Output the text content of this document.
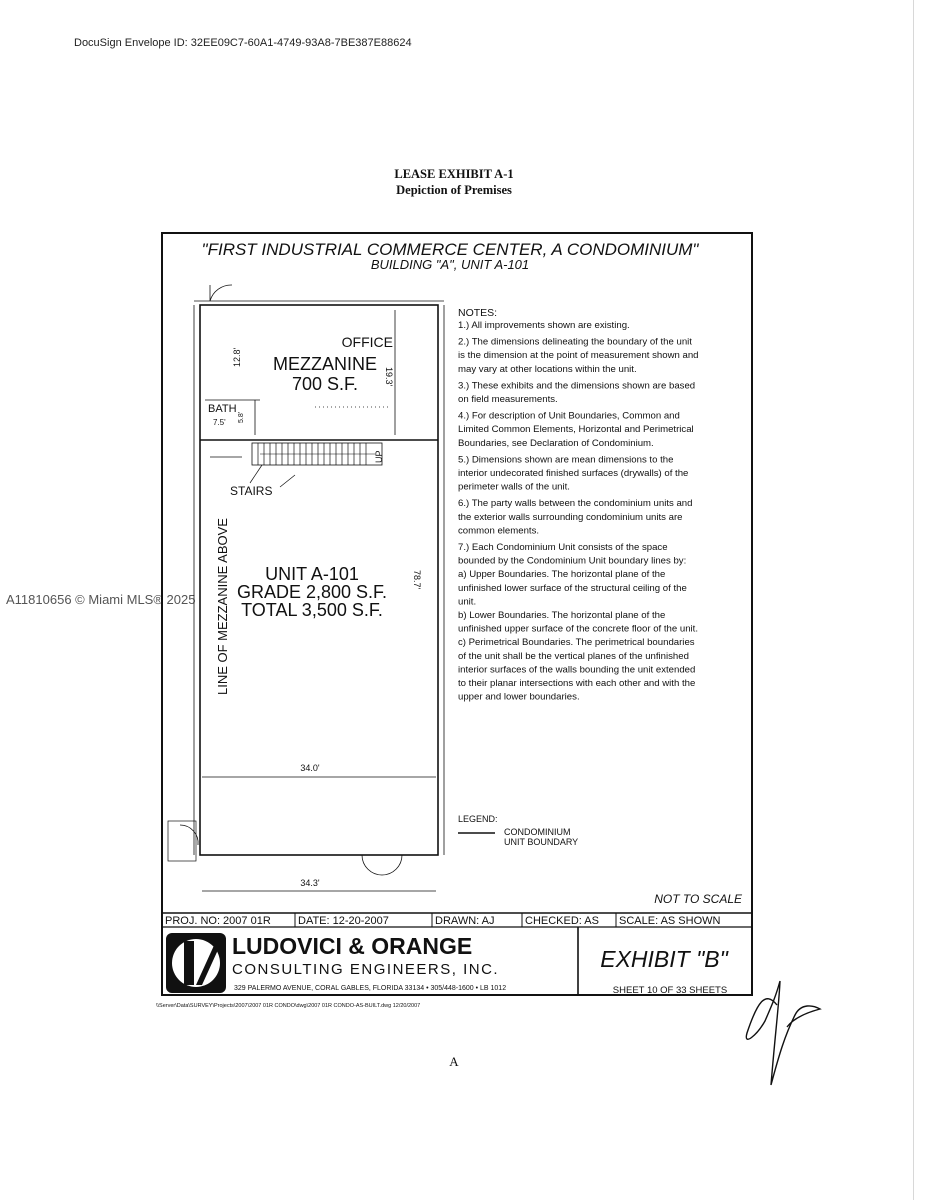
DocuSign Envelope ID: 32EE09C7-60A1-4749-93A8-7BE387E88624
LEASE EXHIBIT A-1
Depiction of Premises
A11810656 © Miami MLS® 2025
"FIRST INDUSTRIAL COMMERCE CENTER, A CONDOMINIUM"
BUILDING "A", UNIT A-101
OFFICE
MEZZANINE
700 S.F.
12.8'
19.3'
BATH
7.5' 5.8'
UP
STAIRS
LINE OF MEZZANINE ABOVE UNIT A-101
GRADE 2,800 S.F.
TOTAL 3,500 S.F.
78.7'
34.0'
34.3'
NOTES:
1.) All improvements shown are existing.
2.) The dimensions delineating the boundary of the unit
is the dimension at the point of measurement shown and
may vary at other locations within the unit.
3.) These exhibits and the dimensions shown are based
on field measurements.
4.) For description of Unit Boundaries, Common and
Limited Common Elements, Horizontal and Perimetrical
Boundaries, see Declaration of Condominium.
5.) Dimensions shown are mean dimensions to the
interior undecorated finished surfaces (drywalls) of the
perimeter walls of the unit.
6.) The party walls between the condominium units and
the exterior walls surrounding condominium units are
common elements.
7.) Each Condominium Unit consists of the space
bounded by the Condominium Unit boundary lines by:
a) Upper Boundaries. The horizontal plane of the
unfinished lower surface of the structural ceiling of the
unit.
b) Lower Boundaries. The horizontal plane of the
unfinished upper surface of the concrete floor of the unit.
c) Perimetrical Boundaries. The perimetrical boundaries
of the unit shall be the vertical planes of the unfinished
interior surfaces of the walls bounding the unit extended
to their planar intersections with each other and with the
upper and lower boundaries.
LEGEND:
CONDOMINIUM
UNIT BOUNDARY
NOT TO SCALE
PROJ. NO: 2007 01R DATE: 12-20-2007	DRAWN: AJ	CHECKED: AS SCALE: AS SHOWN
LUDOVICI & ORANGE
CONSULTING ENGINEERS, INC.
329 PALERMO AVENUE, CORAL GABLES, FLORIDA 33134 • 305/448-1600 • LB 1012
EXHIBIT "B"
SHEET 10 OF 33 SHEETS
\\Server\Data\SURVEY\Projects\2007\2007 01R CONDO\dwg\2007 01R CONDO-AS-BUILT.dwg 12/20/2007
A
